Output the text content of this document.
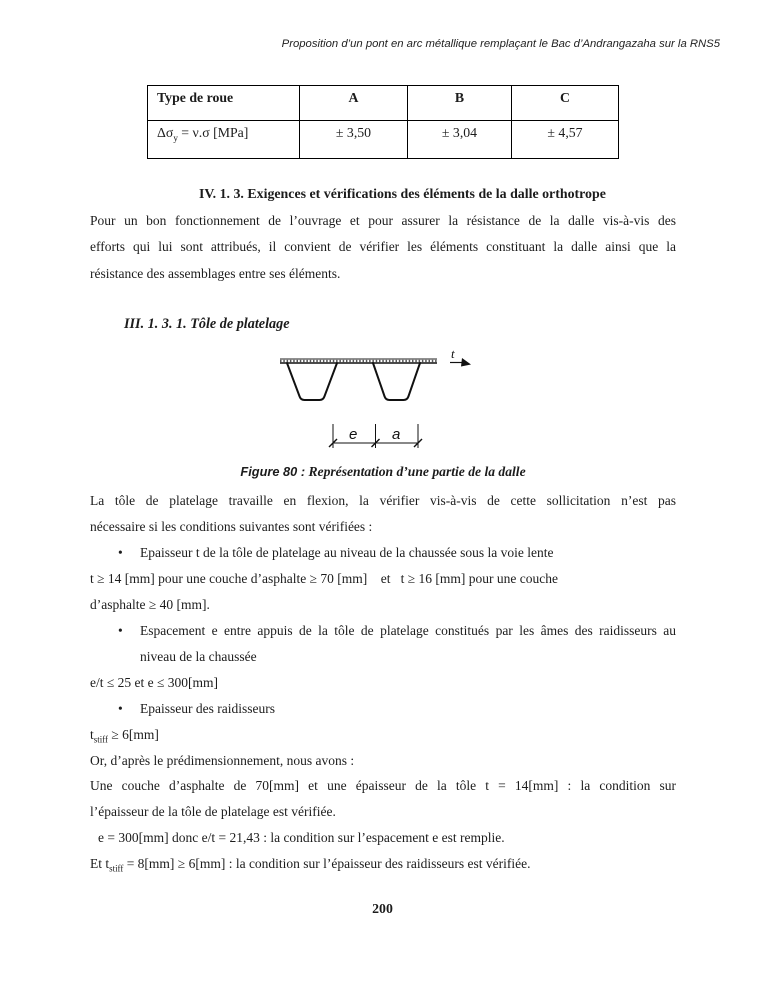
Proposition d’un pont en arc métallique remplaçant le Bac d’Andrangazaha sur la RNS5
Type de roue	A	B	C
$\Delta\sigma_y = \nu.\sigma$ [MPa]	± 3,50	± 3,04	± 4,57
IV. 1. 3. Exigences et vérifications des éléments de la dalle orthotrope
Pour un bon fonctionnement de l’ouvrage et pour assurer la résistance de la dalle vis-à-vis des
efforts qui lui sont attribués, il convient de vérifier les éléments constituant la dalle ainsi que la
résistance des assemblages entre ses éléments.
III. 1. 3. 1. Tôle de platelage
t
e a
Figure 80 : Représentation d’une partie de la dalle
La tôle de platelage travaille en flexion, la vérifier vis-à-vis de cette sollicitation n’est pas
nécessaire si les conditions suivantes sont vérifiées :
• Epaisseur t de la tôle de platelage au niveau de la chaussée sous la voie lente
t ≥ 14 [mm] pour une couche d’asphalte ≥ 70 [mm]    et   t ≥ 16 [mm] pour une couche
d’asphalte ≥ 40 [mm].
• Espacement e entre appuis de la tôle de platelage constitués par les âmes des raidisseurs au
niveau de la chaussée
e/t ≤ 25 et e ≤ 300[mm]
• Epaisseur des raidisseurs
$t_{stiff} \ge 6[mm]$
Or, d’après le prédimensionnement, nous avons :
Une couche d’asphalte de 70[mm] et une épaisseur de la tôle t = 14[mm] : la condition sur
l’épaisseur de la tôle de platelage est vérifiée.
e = 300[mm] donc e/t = 21,43 : la condition sur l’espacement e est remplie.
Et $t_{stiff} = 8[mm] \ge 6[mm]$ : la condition sur l’épaisseur des raidisseurs est vérifiée.
200
